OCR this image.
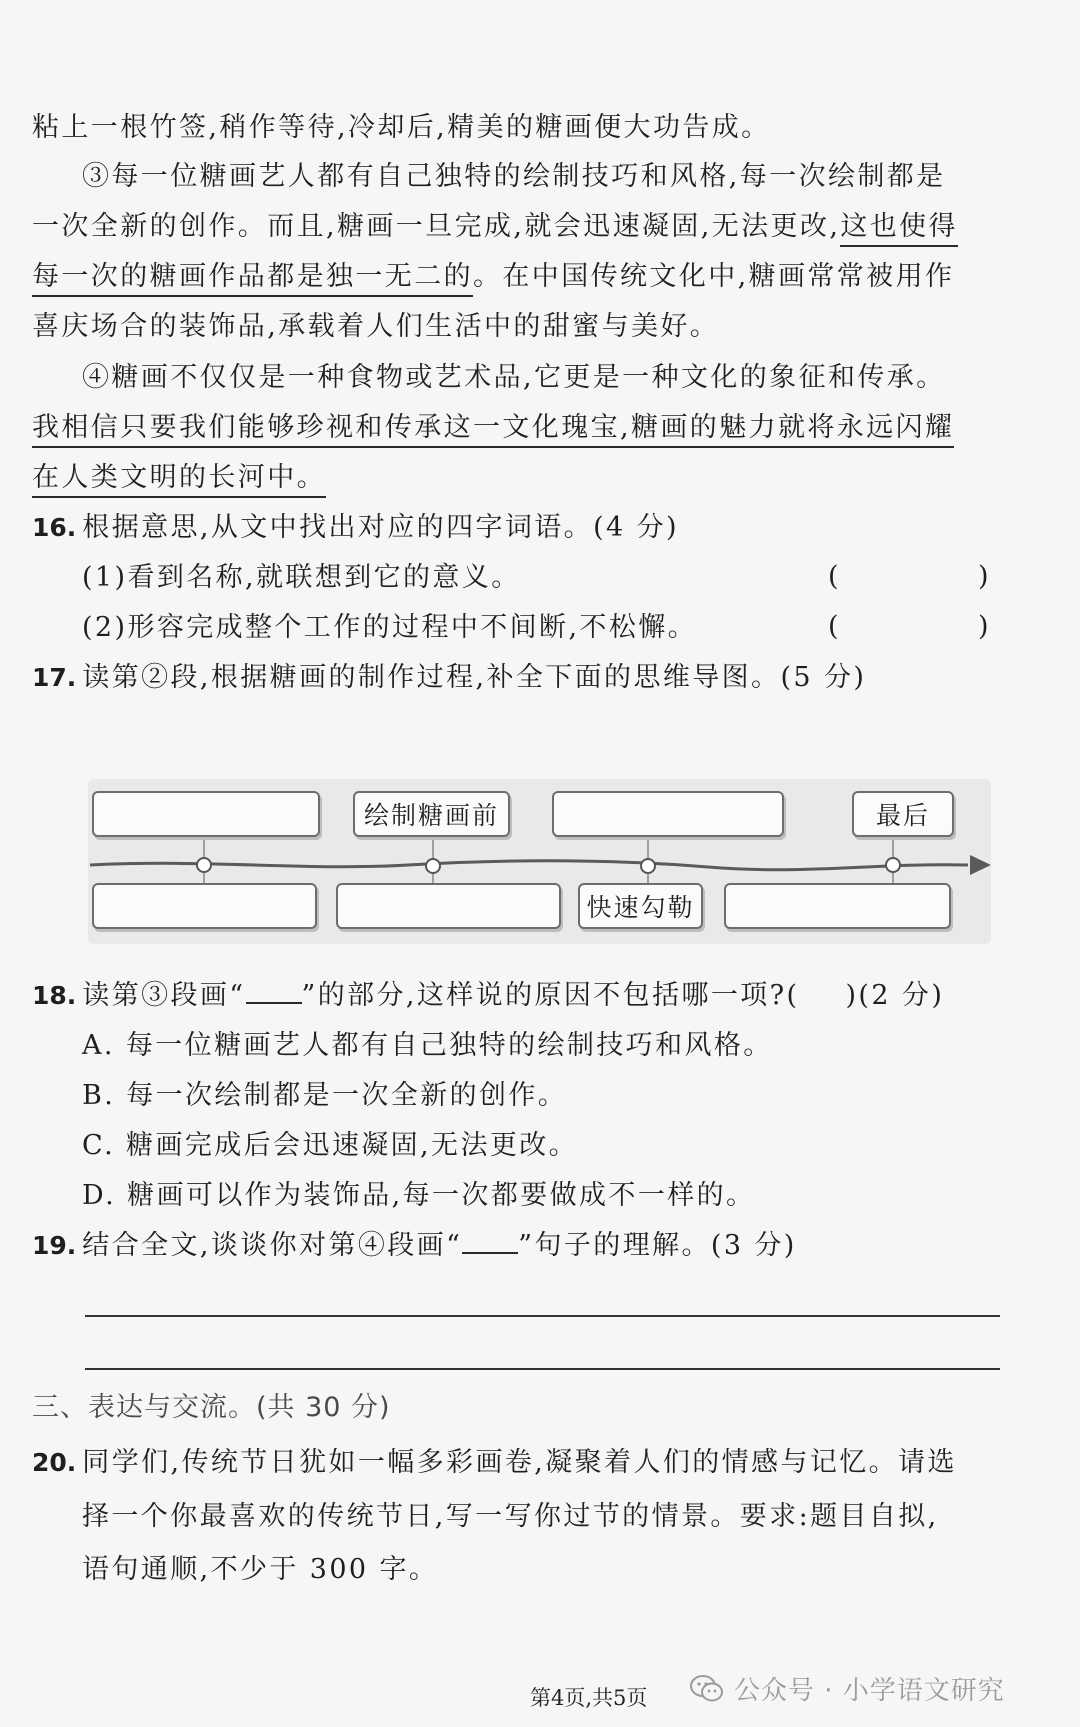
粘上一根竹签,稍作等待,冷却后,精美的糖画便大功告成。
③每一位糖画艺人都有自己独特的绘制技巧和风格,每一次绘制都是
一次全新的创作。而且,糖画一旦完成,就会迅速凝固,无法更改,这也使得
每一次的糖画作品都是独一无二的。在中国传统文化中,糖画常常被用作
喜庆场合的装饰品,承载着人们生活中的甜蜜与美好。
④糖画不仅仅是一种食物或艺术品,它更是一种文化的象征和传承。
我相信只要我们能够珍视和传承这一文化瑰宝,糖画的魅力就将永远闪耀
在人类文明的长河中。
16. 根据意思,从文中找出对应的四字词语。(4 分)
(1)看到名称,就联想到它的意义。	(	)
(2)形容完成整个工作的过程中不间断,不松懈。	(	)
17. 读第②段,根据糖画的制作过程,补全下面的思维导图。(5 分)
绘制糖画前	最后
快速勾勒
18. 读第③段画“ ”的部分,这样说的原因不包括哪一项?( )(2 分)
A. 每一位糖画艺人都有自己独特的绘制技巧和风格。
B. 每一次绘制都是一次全新的创作。
C. 糖画完成后会迅速凝固,无法更改。
D. 糖画可以作为装饰品,每一次都要做成不一样的。
19. 结合全文,谈谈你对第④段画“ ”句子的理解。(3 分)
三、表达与交流。(共 30 分)
20. 同学们,传统节日犹如一幅多彩画卷,凝聚着人们的情感与记忆。请选
择一个你最喜欢的传统节日,写一写你过节的情景。要求:题目自拟,
语句通顺,不少于 300 字。
第4页,共5页	公众号 · 小学语文研究
